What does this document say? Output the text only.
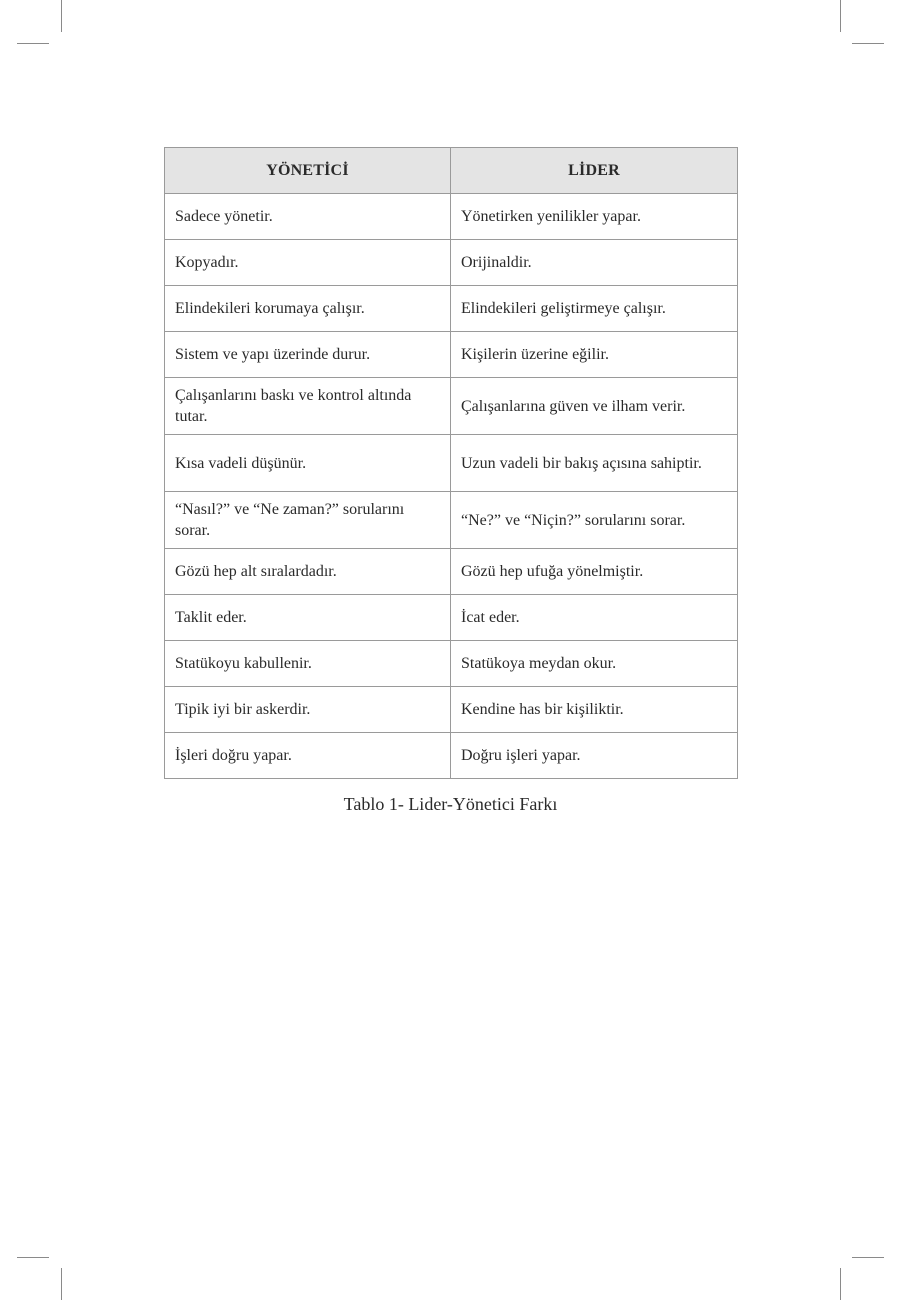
YÖNETİCİ	LİDER
Sadece yönetir.	Yönetirken yenilikler yapar.
Kopyadır.	Orijinaldir.
Elindekileri korumaya çalışır.	Elindekileri geliştirmeye çalışır.
Sistem ve yapı üzerinde durur.	Kişilerin üzerine eğilir.
Çalışanlarını baskı ve kontrol altında tutar.	Çalışanlarına güven ve ilham verir.
Kısa vadeli düşünür.	Uzun vadeli bir bakış açısına sahiptir.
“Nasıl?” ve “Ne zaman?” sorularını sorar.	“Ne?” ve “Niçin?” sorularını sorar.
Gözü hep alt sıralardadır.	Gözü hep ufuğa yönelmiştir.
Taklit eder.	İcat eder.
Statükoyu kabullenir.	Statükoya meydan okur.
Tipik iyi bir askerdir.	Kendine has bir kişiliktir.
İşleri doğru yapar.	Doğru işleri yapar.
Tablo 1- Lider-Yönetici Farkı
